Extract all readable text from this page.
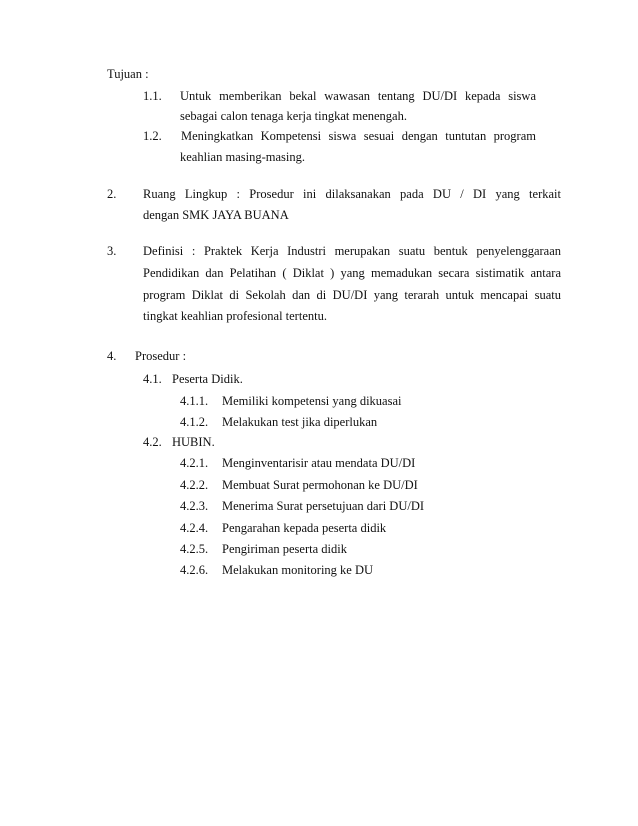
Tujuan :
1.1. Untuk memberikan bekal wawasan tentang DU/DI kepada siswa
sebagai calon tenaga kerja tingkat menengah.
1.2. Meningkatkan Kompetensi siswa sesuai dengan tuntutan program
keahlian masing-masing.
2. Ruang Lingkup : Prosedur ini dilaksanakan pada DU / DI yang terkait
dengan SMK JAYA BUANA
3. Definisi : Praktek Kerja Industri merupakan suatu bentuk penyelenggaraan
Pendidikan dan Pelatihan ( Diklat ) yang memadukan secara sistimatik antara
program Diklat di Sekolah dan di DU/DI yang terarah untuk mencapai suatu
tingkat keahlian profesional tertentu.
4. Prosedur :
4.1. Peserta Didik.
4.1.1. Memiliki kompetensi yang dikuasai
4.1.2. Melakukan test jika diperlukan
4.2. HUBIN.
4.2.1. Menginventarisir atau mendata DU/DI
4.2.2. Membuat Surat permohonan ke DU/DI
4.2.3. Menerima Surat persetujuan dari DU/DI
4.2.4. Pengarahan kepada peserta didik
4.2.5. Pengiriman peserta didik
4.2.6. Melakukan monitoring ke DU
